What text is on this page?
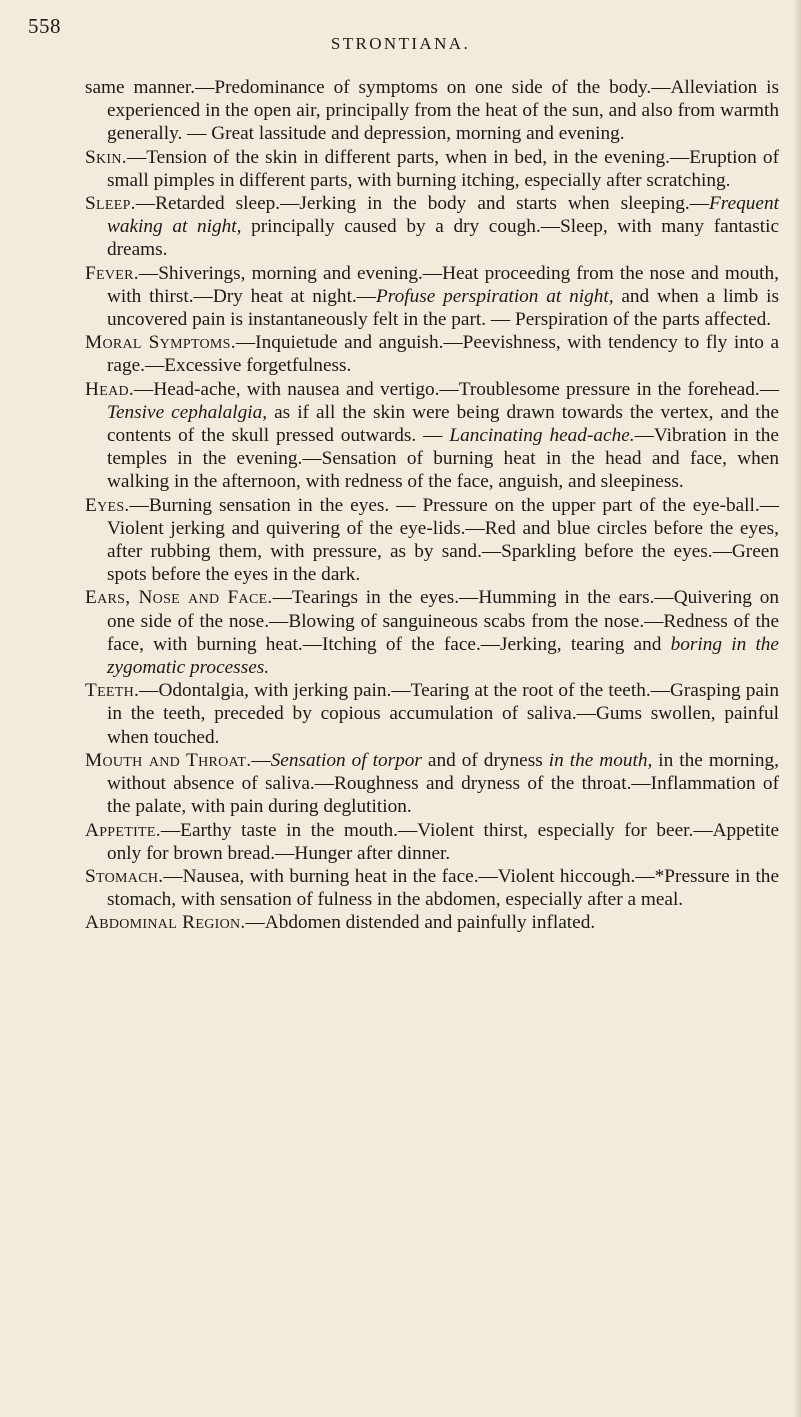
558
STRONTIANA.

same manner.—Predominance of symptoms on one side of the body.—Alleviation is experienced in the open air, principally from the heat of the sun, and also from warmth generally. — Great lassitude and depression, morning and evening.

Skin.—Tension of the skin in different parts, when in bed, in the evening.—Eruption of small pimples in different parts, with burning itching, especially after scratching.

Sleep.—Retarded sleep.—Jerking in the body and starts when sleeping.—Frequent waking at night, principally caused by a dry cough.—Sleep, with many fantastic dreams.

Fever.—Shiverings, morning and evening.—Heat proceeding from the nose and mouth, with thirst.—Dry heat at night.—Profuse perspiration at night, and when a limb is uncovered pain is instantaneously felt in the part. — Perspiration of the parts affected.

Moral Symptoms.—Inquietude and anguish.—Peevishness, with tendency to fly into a rage.—Excessive forgetfulness.

Head.—Head-ache, with nausea and vertigo.—Troublesome pressure in the forehead.—Tensive cephalalgia, as if all the skin were being drawn towards the vertex, and the contents of the skull pressed outwards. — Lancinating head-ache.—Vibration in the temples in the evening.—Sensation of burning heat in the head and face, when walking in the afternoon, with redness of the face, anguish, and sleepiness.

Eyes.—Burning sensation in the eyes. — Pressure on the upper part of the eye-ball.—Violent jerking and quivering of the eye-lids.—Red and blue circles before the eyes, after rubbing them, with pressure, as by sand.—Sparkling before the eyes.—Green spots before the eyes in the dark.

Ears, Nose and Face.—Tearings in the eyes.—Humming in the ears.—Quivering on one side of the nose.—Blowing of sanguineous scabs from the nose.—Redness of the face, with burning heat.—Itching of the face.—Jerking, tearing and boring in the zygomatic processes.

Teeth.—Odontalgia, with jerking pain.—Tearing at the root of the teeth.—Grasping pain in the teeth, preceded by copious accumulation of saliva.—Gums swollen, painful when touched.

Mouth and Throat.—Sensation of torpor and of dryness in the mouth, in the morning, without absence of saliva.—Roughness and dryness of the throat.—Inflammation of the palate, with pain during deglutition.

Appetite.—Earthy taste in the mouth.—Violent thirst, especially for beer.—Appetite only for brown bread.—Hunger after dinner.

Stomach.—Nausea, with burning heat in the face.—Violent hiccough.—*Pressure in the stomach, with sensation of fulness in the abdomen, especially after a meal.

Abdominal Region.—Abdomen distended and painfully inflated.
